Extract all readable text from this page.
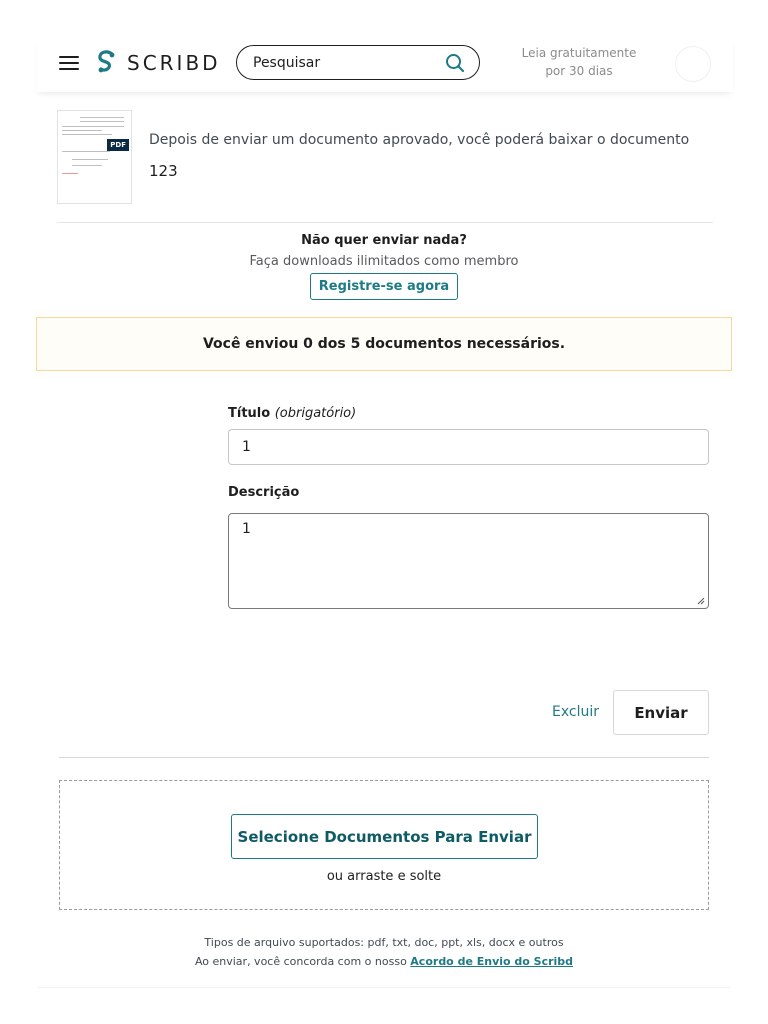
SCRIBD Pesquisar
Leia gratuitamente
por 30 dias
PDF Depois de enviar um documento aprovado, você poderá baixar o documento
123
Não quer enviar nada?
Faça downloads ilimitados como membro
Registre-se agora
Você enviou 0 dos 5 documentos necessários.
Título (obrigatório)
1
Descrição
1
Excluir	Enviar
Selecione Documentos Para Enviar
ou arraste e solte
Tipos de arquivo suportados: pdf, txt, doc, ppt, xls, docx e outros
Ao enviar, você concorda com o nosso Acordo de Envio do Scribd
